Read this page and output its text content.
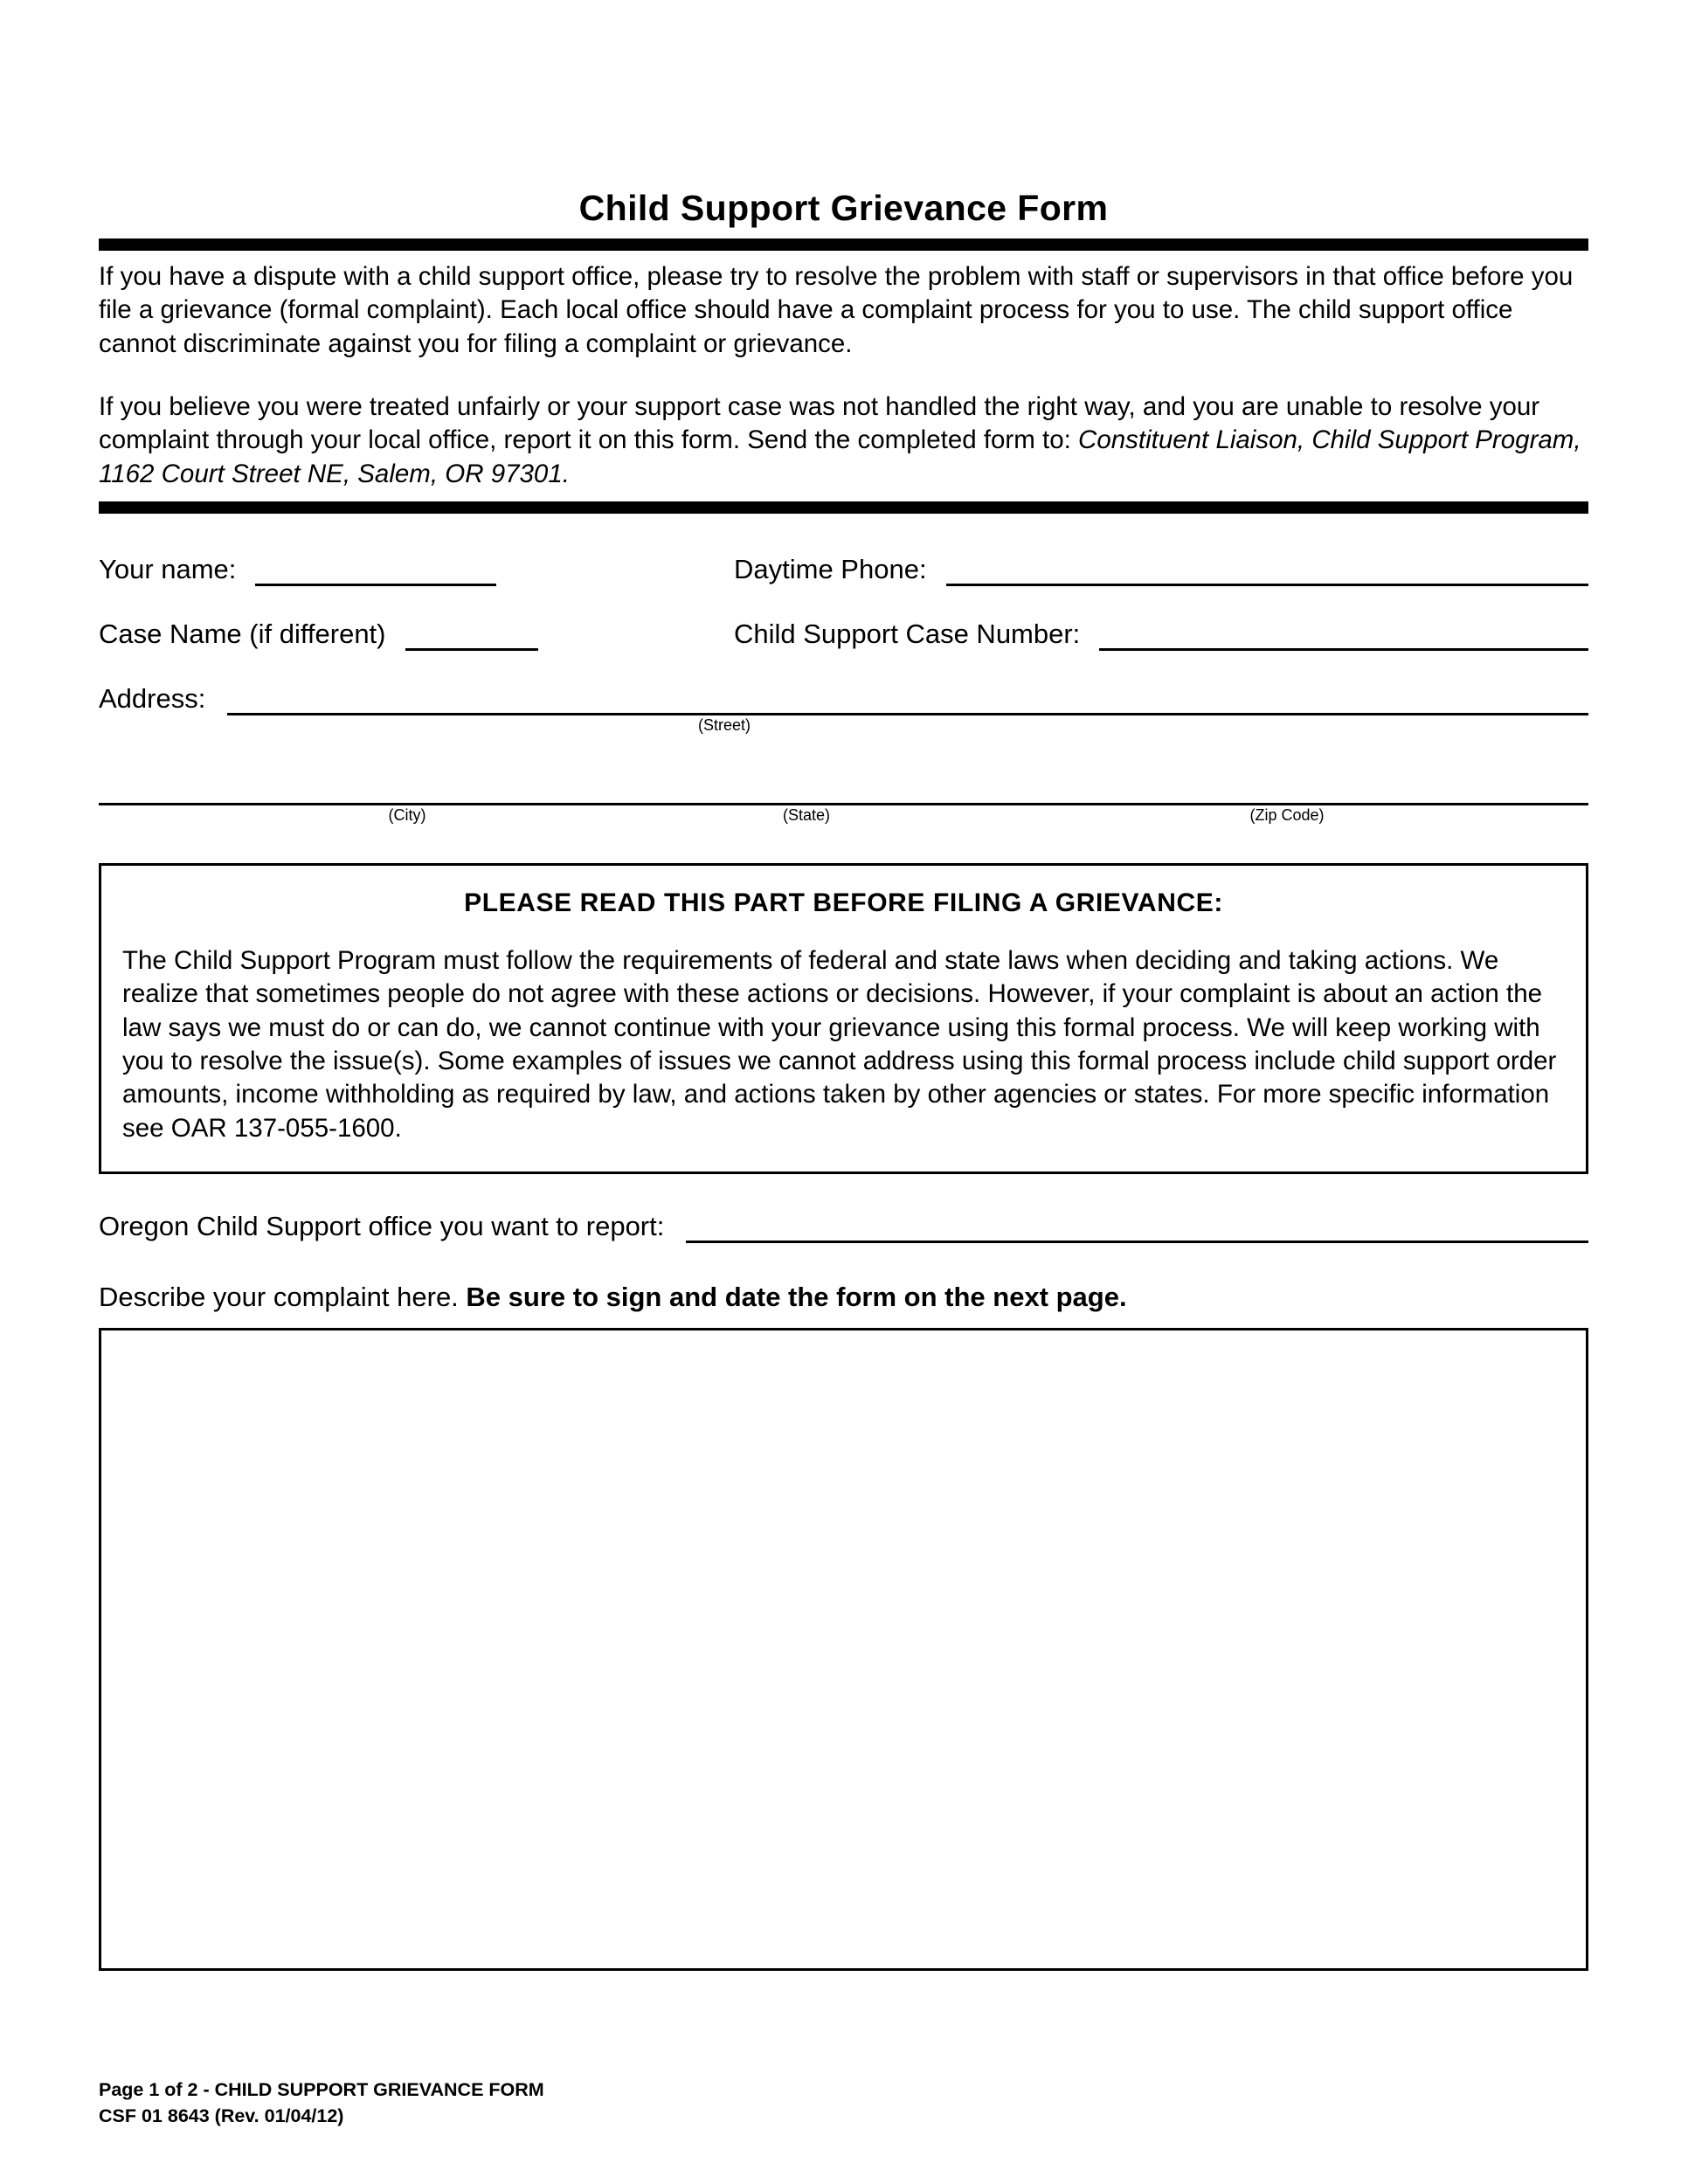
Child Support Grievance Form
If you have a dispute with a child support office, please try to resolve the problem with staff or supervisors in that office before you file a grievance (formal complaint). Each local office should have a complaint process for you to use. The child support office cannot discriminate against you for filing a complaint or grievance.
If you believe you were treated unfairly or your support case was not handled the right way, and you are unable to resolve your complaint through your local office, report it on this form. Send the completed form to: Constituent Liaison, Child Support Program, 1162 Court Street NE, Salem, OR 97301.
Your name:	Daytime Phone:
Case Name (if different)	Child Support Case Number:
Address:
(Street)
(City)	(State)	(Zip Code)
PLEASE READ THIS PART BEFORE FILING A GRIEVANCE:
The Child Support Program must follow the requirements of federal and state laws when deciding and taking actions. We realize that sometimes people do not agree with these actions or decisions. However, if your complaint is about an action the law says we must do or can do, we cannot continue with your grievance using this formal process. We will keep working with you to resolve the issue(s). Some examples of issues we cannot address using this formal process include child support order amounts, income withholding as required by law, and actions taken by other agencies or states. For more specific information see OAR 137-055-1600.
Oregon Child Support office you want to report:
Describe your complaint here. Be sure to sign and date the form on the next page.
Page 1 of 2 - CHILD SUPPORT GRIEVANCE FORM
CSF 01 8643 (Rev. 01/04/12)
